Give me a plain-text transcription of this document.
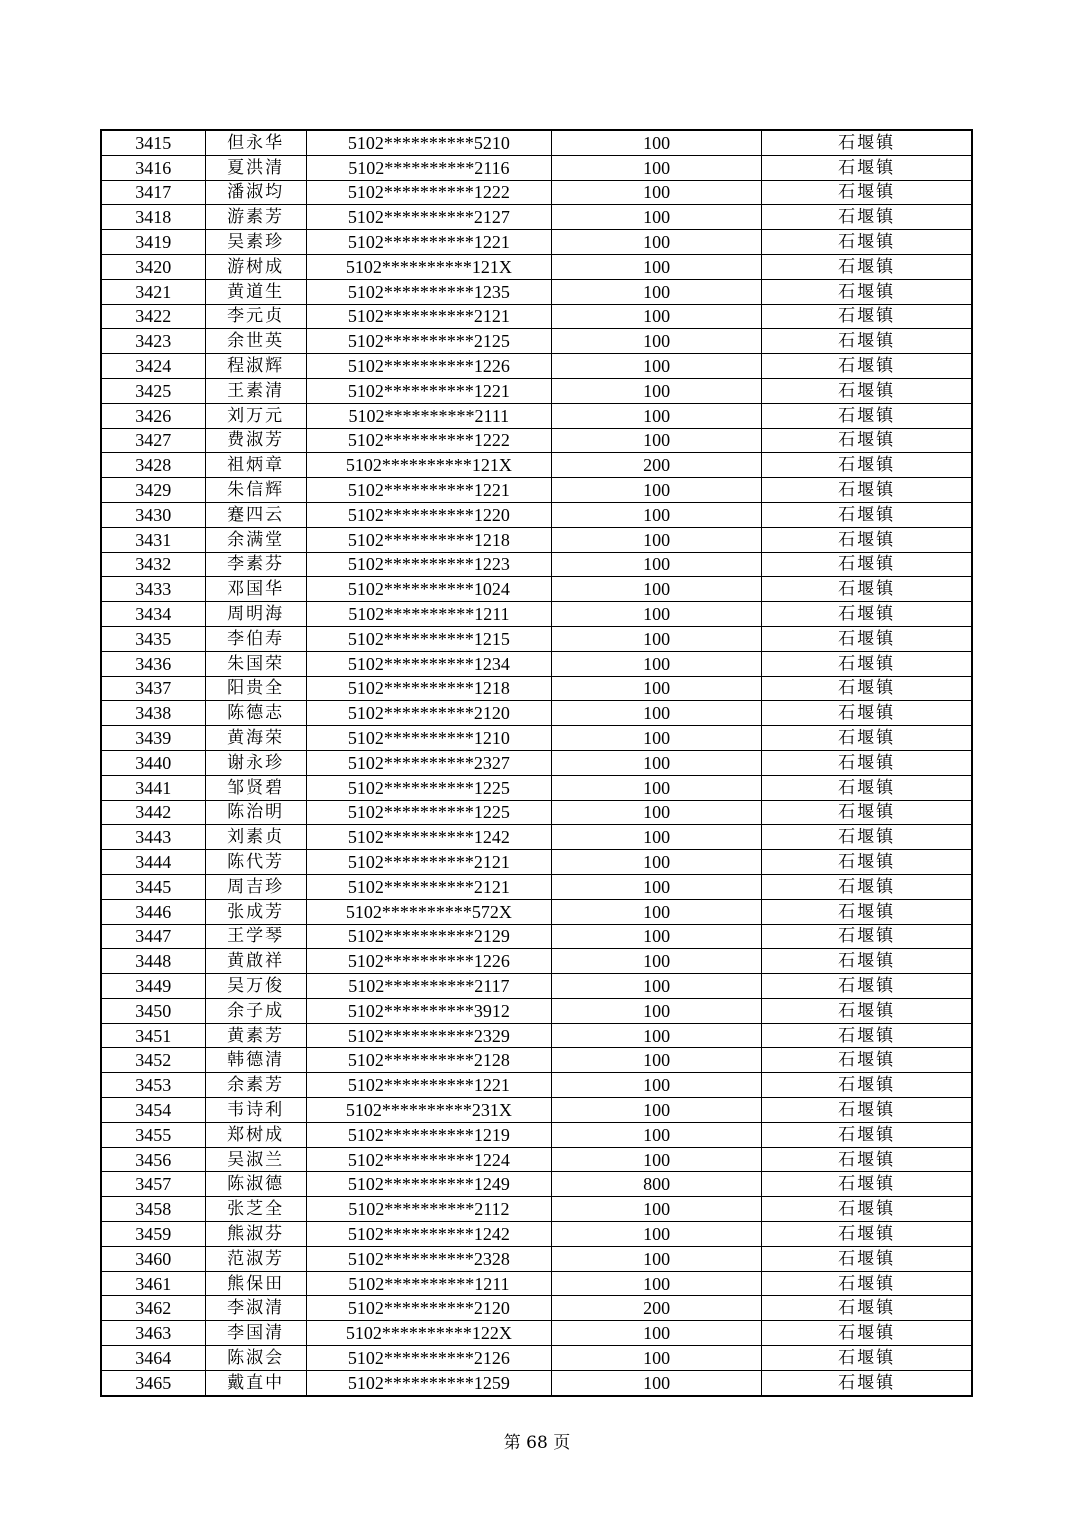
3415	但永华	5102**********5210	100	石堰镇
3416	夏洪清	5102**********2116	100	石堰镇
3417	潘淑均	5102**********1222	100	石堰镇
3418	游素芳	5102**********2127	100	石堰镇
3419	吴素珍	5102**********1221	100	石堰镇
3420	游树成	5102**********121X	100	石堰镇
3421	黄道生	5102**********1235	100	石堰镇
3422	李元贞	5102**********2121	100	石堰镇
3423	余世英	5102**********2125	100	石堰镇
3424	程淑辉	5102**********1226	100	石堰镇
3425	王素清	5102**********1221	100	石堰镇
3426	刘万元	5102**********2111	100	石堰镇
3427	费淑芳	5102**********1222	100	石堰镇
3428	祖炳章	5102**********121X	200	石堰镇
3429	朱信辉	5102**********1221	100	石堰镇
3430	蹇四云	5102**********1220	100	石堰镇
3431	余满堂	5102**********1218	100	石堰镇
3432	李素芬	5102**********1223	100	石堰镇
3433	邓国华	5102**********1024	100	石堰镇
3434	周明海	5102**********1211	100	石堰镇
3435	李伯寿	5102**********1215	100	石堰镇
3436	朱国荣	5102**********1234	100	石堰镇
3437	阳贵全	5102**********1218	100	石堰镇
3438	陈德志	5102**********2120	100	石堰镇
3439	黄海荣	5102**********1210	100	石堰镇
3440	谢永珍	5102**********2327	100	石堰镇
3441	邹贤碧	5102**********1225	100	石堰镇
3442	陈治明	5102**********1225	100	石堰镇
3443	刘素贞	5102**********1242	100	石堰镇
3444	陈代芳	5102**********2121	100	石堰镇
3445	周吉珍	5102**********2121	100	石堰镇
3446	张成芳	5102**********572X	100	石堰镇
3447	王学琴	5102**********2129	100	石堰镇
3448	黄啟祥	5102**********1226	100	石堰镇
3449	吴万俊	5102**********2117	100	石堰镇
3450	余子成	5102**********3912	100	石堰镇
3451	黄素芳	5102**********2329	100	石堰镇
3452	韩德清	5102**********2128	100	石堰镇
3453	余素芳	5102**********1221	100	石堰镇
3454	韦诗利	5102**********231X	100	石堰镇
3455	郑树成	5102**********1219	100	石堰镇
3456	吴淑兰	5102**********1224	100	石堰镇
3457	陈淑德	5102**********1249	800	石堰镇
3458	张芝全	5102**********2112	100	石堰镇
3459	熊淑芬	5102**********1242	100	石堰镇
3460	范淑芳	5102**********2328	100	石堰镇
3461	熊保田	5102**********1211	100	石堰镇
3462	李淑清	5102**********2120	200	石堰镇
3463	李国清	5102**********122X	100	石堰镇
3464	陈淑会	5102**********2126	100	石堰镇
3465	戴直中	5102**********1259	100	石堰镇
第 68 页
